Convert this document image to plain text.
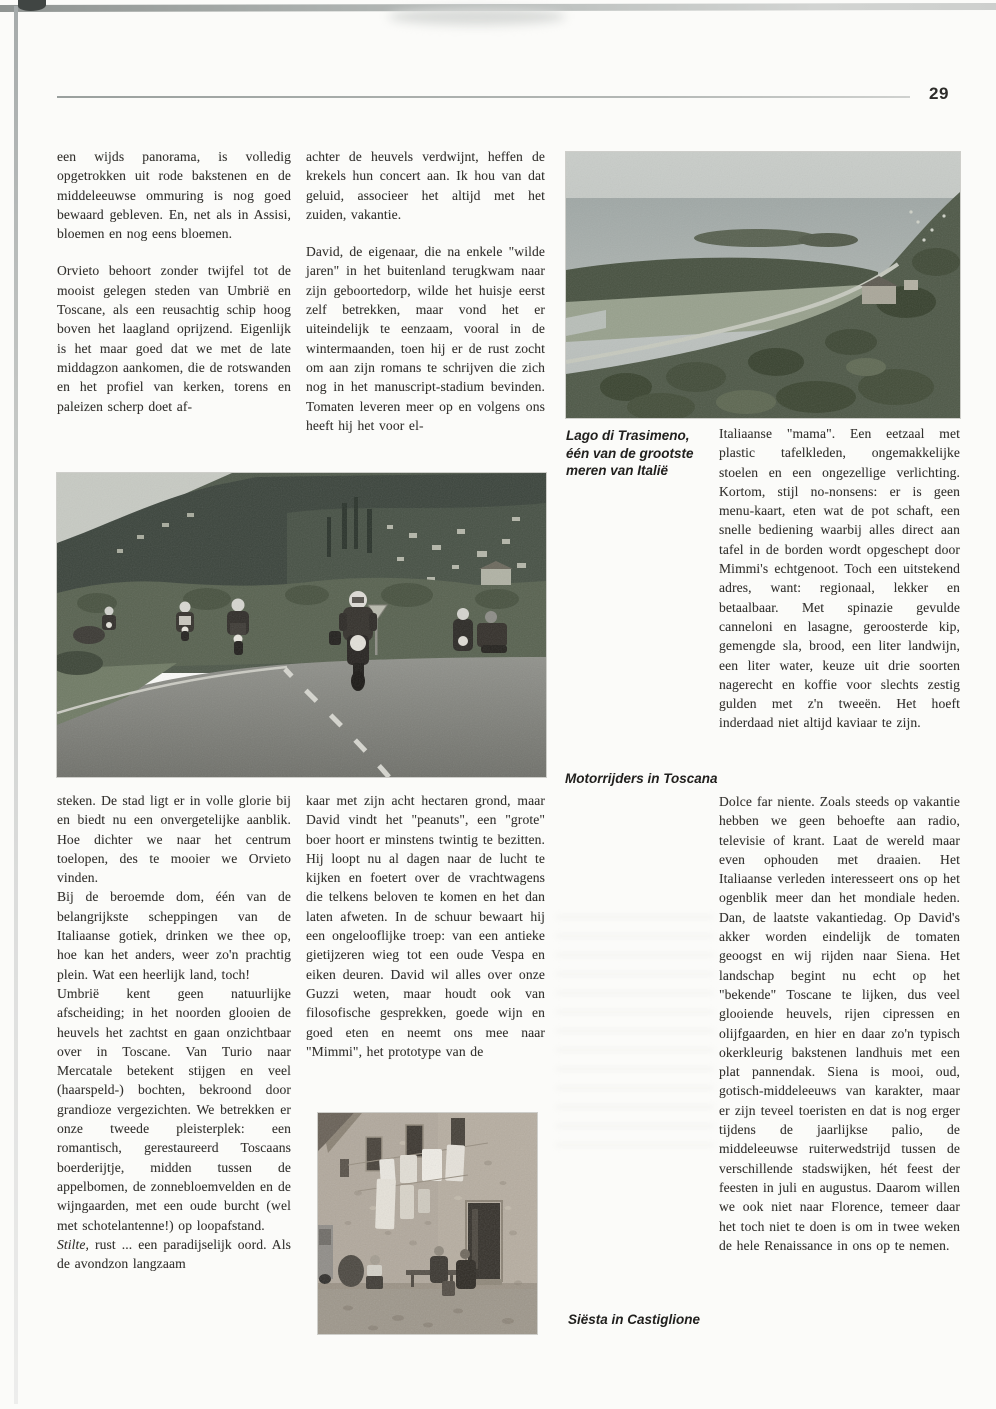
29

een wijds panorama, is volledig opgetrokken uit rode bakstenen en de middeleeuwse ommuring is nog goed bewaard gebleven. En, net als in Assisi, bloemen en nog eens bloemen.

Orvieto behoort zonder twijfel tot de mooist gelegen steden van Umbrië en Toscane, als een reusachtig schip hoog boven het laagland oprijzend. Eigenlijk is het maar goed dat we met de late middagzon aankomen, die de rotswanden en het profiel van kerken, torens en paleizen scherp doet af-

achter de heuvels verdwijnt, heffen de krekels hun concert aan. Ik hou van dat geluid, associeer het altijd met het zuiden, vakantie.

David, de eigenaar, die na enkele "wilde jaren" in het buitenland terugkwam naar zijn geboortedorp, wilde het huisje eerst zelf betrekken, maar vond het er uiteindelijk te eenzaam, vooral in de wintermaanden, toen hij er de rust zocht om aan zijn romans te schrijven die zich nog in het manuscript-stadium bevinden. Tomaten leveren meer op en volgens ons heeft hij het voor el-

Lago di Trasimeno, één van de grootste meren van Italië

Italiaanse "mama". Een eetzaal met plastic tafelkleden, ongemakkelijke stoelen en een ongezellige verlichting. Kortom, stijl no-nonsens: er is geen menu-kaart, eten wat de pot schaft, een snelle bediening waarbij alles direct aan tafel in de borden wordt opgeschept door Mimmi's echtgenoot. Toch een uitstekend adres, want: regionaal, lekker en betaalbaar. Met spinazie gevulde canneloni en lasagne, geroosterde kip, gemengde sla, brood, een liter landwijn, een liter water, keuze uit drie soorten nagerecht en koffie voor slechts zestig gulden met z'n tweeën. Het hoeft inderdaad niet altijd kaviaar te zijn.

Motorrijders in Toscana

steken. De stad ligt er in volle glorie bij en biedt nu een onvergetelijke aanblik. Hoe dichter we naar het centrum toelopen, des te mooier we Orvieto vinden.

Bij de beroemde dom, één van de belangrijkste scheppingen van de Italiaanse gotiek, drinken we thee op, hoe kan het anders, weer zo'n prachtig plein. Wat een heerlijk land, toch!

Umbrië kent geen natuurlijke afscheiding; in het noorden glooien de heuvels het zachtst en gaan onzichtbaar over in Toscane. Van Turio naar Mercatale betekent stijgen en veel (haarspeld-) bochten, bekroond door grandioze vergezichten. We betrekken er onze tweede pleisterplek: een romantisch, gerestaureerd Toscaans boerderijtje, midden tussen de appelbomen, de zonnebloemvelden en de wijngaarden, met een oude burcht (wel met schotelantenne!) op loopafstand.

Stilte, rust ... een paradijselijk oord. Als de avondzon langzaam

kaar met zijn acht hectaren grond, maar David vindt het "peanuts", een "grote" boer hoort er minstens twintig te bezitten. Hij loopt nu al dagen naar de lucht te kijken en foetert over de vrachtwagens die telkens beloven te komen en het dan laten afweten. In de schuur bewaart hij een ongelooflijke troep: van een antieke gietijzeren wieg tot een oude Vespa en eiken deuren. David wil alles over onze Guzzi weten, maar houdt ook van filosofische gesprekken, goede wijn en goed eten en neemt ons mee naar "Mimmi", het prototype van de

Dolce far niente. Zoals steeds op vakantie hebben we geen behoefte aan radio, televisie of krant. Laat de wereld maar even ophouden met draaien. Het Italiaanse verleden interesseert ons op het ogenblik meer dan het mondiale heden. Dan, de laatste vakantiedag. Op David's akker worden eindelijk de tomaten geoogst en wij rijden naar Siena. Het landschap begint nu echt op het "bekende" Toscane te lijken, dus veel glooiende heuvels, rijen cipressen en olijfgaarden, en hier en daar zo'n typisch okerkleurig bakstenen landhuis met een plat pannendak. Siena is mooi, oud, gotisch-middeleeuws van karakter, maar er zijn teveel toeristen en dat is nog erger tijdens de jaarlijkse palio, de middeleeuwse ruiterwedstrijd tussen de verschillende stadswijken, hét feest der feesten in juli en augustus. Daarom willen we ook niet naar Florence, temeer daar het toch niet te doen is om in twee weken de hele Renaissance in ons op te nemen.

Siësta in Castiglione
